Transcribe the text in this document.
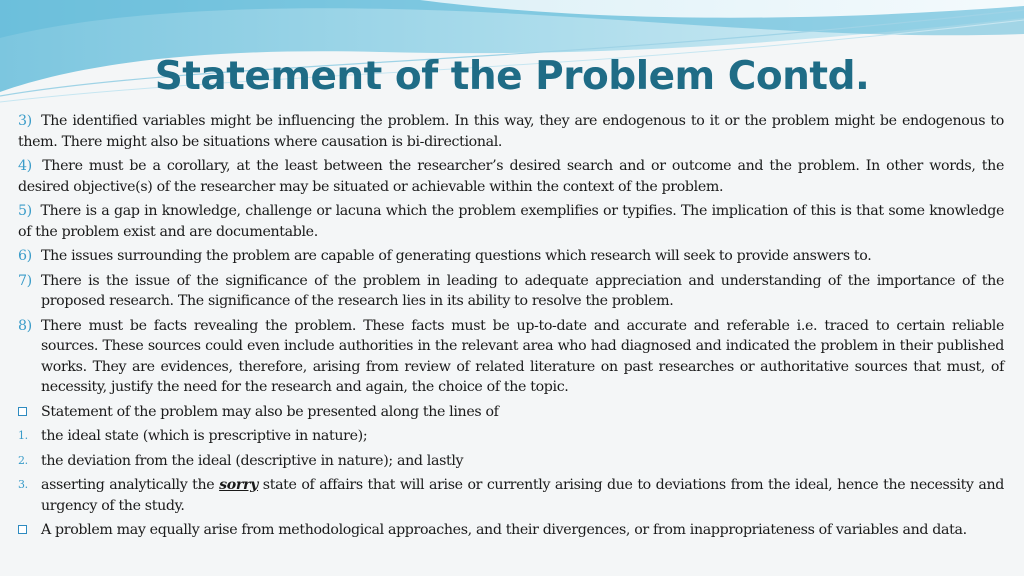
Statement of the Problem Contd.

3) The identified variables might be influencing the problem. In this way, they are endogenous to it or the problem might be endogenous to them. There might also be situations where causation is bi-directional.

4) There must be a corollary, at the least between the researcher’s desired search and or outcome and the problem. In other words, the desired objective(s) of the researcher may be situated or achievable within the context of the problem.

5) There is a gap in knowledge, challenge or lacuna which the problem exemplifies or typifies. The implication of this is that some knowledge of the problem exist and are documentable.

6) The issues surrounding the problem are capable of generating questions which research will seek to provide answers to.
7) There is the issue of the significance of the problem in leading to adequate appreciation and understanding of the importance of the proposed research. The significance of the research lies in its ability to resolve the problem.
8) There must be facts revealing the problem. These facts must be up-to-date and accurate and referable i.e. traced to certain reliable sources. These sources could even include authorities in the relevant area who had diagnosed and indicated the problem in their published works. They are evidences, therefore, arising from review of related literature on past researches or authoritative sources that must, of necessity, justify the need for the research and again, the choice of the topic.
Statement of the problem may also be presented along the lines of
1. the ideal state (which is prescriptive in nature);
2. the deviation from the ideal (descriptive in nature); and lastly
3. asserting analytically the sorry state of affairs that will arise or currently arising due to deviations from the ideal, hence the necessity and urgency of the study.
A problem may equally arise from methodological approaches, and their divergences, or from inappropriateness of variables and data.
